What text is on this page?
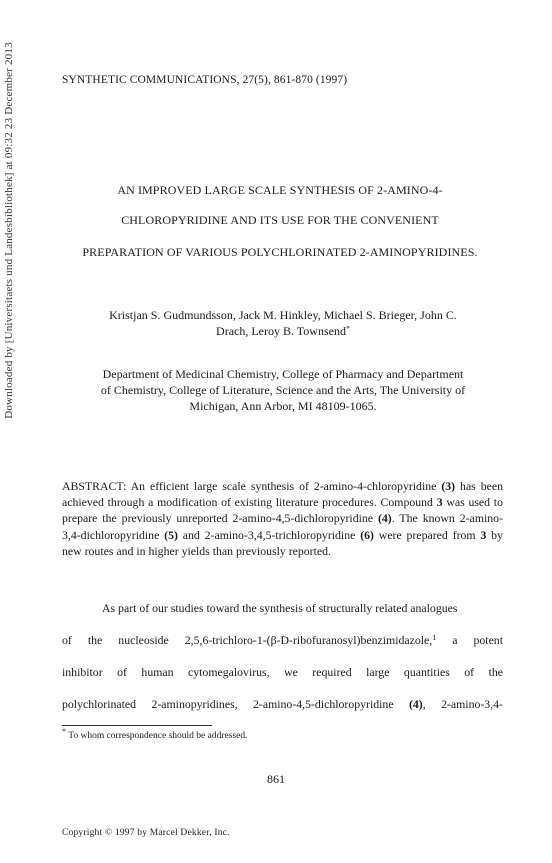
SYNTHETIC COMMUNICATIONS, 27(5), 861-870 (1997)
AN IMPROVED LARGE SCALE SYNTHESIS OF 2-AMINO-4-
CHLOROPYRIDINE AND ITS USE FOR THE CONVENIENT
PREPARATION OF VARIOUS POLYCHLORINATED 2-AMINOPYRIDINES.
Kristjan S. Gudmundsson, Jack M. Hinkley, Michael S. Brieger, John C.
Drach, Leroy B. Townsend*
Department of Medicinal Chemistry, College of Pharmacy and Department
of Chemistry, College of Literature, Science and the Arts, The University of
Michigan, Ann Arbor, MI 48109-1065.
Downloaded by [Universitaets und Landesbibliothek] at 09:32 23 December 2013
ABSTRACT: An efficient large scale synthesis of 2-amino-4-chloropyridine (3) has been achieved through a modification of existing literature procedures. Compound 3 was used to prepare the previously unreported 2-amino-4,5-dichloropyridine (4). The known 2-amino-3,4-dichloropyridine (5) and 2-amino-3,4,5-trichloropyridine (6) were prepared from 3 by new routes and in higher yields than previously reported.
As part of our studies toward the synthesis of structurally related analogues
of the nucleoside 2,5,6-trichloro-1-(β-D-ribofuranosyl)benzimidazole,$^1$ a potent
inhibitor of human cytomegalovirus, we required large quantities of the
polychlorinated 2-aminopyridines, 2-amino-4,5-dichloropyridine (4), 2-amino-3,4-
* To whom correspondence should be addressed.
861
Copyright © 1997 by Marcel Dekker, Inc.
